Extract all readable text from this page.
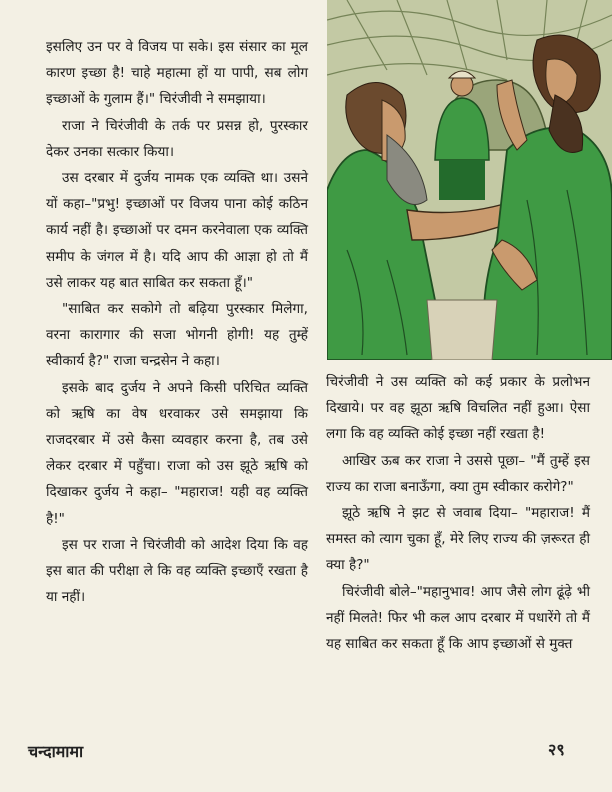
इसलिए उन पर वे विजय पा सके। इस संसार का मूल कारण इच्छा है! चाहे महात्मा हों या पापी, सब लोग इच्छाओं के गुलाम हैं।" चिरंजीवी ने समझाया।

राजा ने चिरंजीवी के तर्क पर प्रसन्न हो, पुरस्कार देकर उनका सत्कार किया।

उस दरबार में दुर्जय नामक एक व्यक्ति था। उसने यों कहा–"प्रभु! इच्छाओं पर विजय पाना कोई कठिन कार्य नहीं है। इच्छाओं पर दमन करनेवाला एक व्यक्ति समीप के जंगल में है। यदि आप की आज्ञा हो तो मैं उसे लाकर यह बात साबित कर सकता हूँ।"

"साबित कर सकोगे तो बढ़िया पुरस्कार मिलेगा, वरना कारागार की सजा भोगनी होगी! यह तुम्हें स्वीकार्य है?" राजा चन्द्रसेन ने कहा।

इसके बाद दुर्जय ने अपने किसी परिचित व्यक्ति को ऋषि का वेष धरवाकर उसे समझाया कि राजदरबार में उसे कैसा व्यवहार करना है, तब उसे लेकर दरबार में पहुँचा। राजा को उस झूठे ऋषि को दिखाकर दुर्जय ने कहा– "महाराज! यही वह व्यक्ति है!"

इस पर राजा ने चिरंजीवी को आदेश दिया कि वह इस बात की परीक्षा ले कि वह व्यक्ति इच्छाएँ रखता है या नहीं।

चिरंजीवी ने उस व्यक्ति को कई प्रकार के प्रलोभन दिखाये। पर वह झूठा ऋषि विचलित नहीं हुआ। ऐसा लगा कि वह व्यक्ति कोई इच्छा नहीं रखता है!

आखिर ऊब कर राजा ने उससे पूछा– "मैं तुम्हें इस राज्य का राजा बनाऊँगा, क्या तुम स्वीकार करोगे?"

झूठे ऋषि ने झट से जवाब दिया– "महाराज! मैं समस्त को त्याग चुका हूँ, मेरे लिए राज्य की ज़रूरत ही क्या है?"

चिरंजीवी बोले–"महानुभाव! आप जैसे लोग ढूंढ़े भी नहीं मिलते! फिर भी कल आप दरबार में पधारेंगे तो मैं यह साबित कर सकता हूँ कि आप इच्छाओं से मुक्त

चन्दामामा	२९
